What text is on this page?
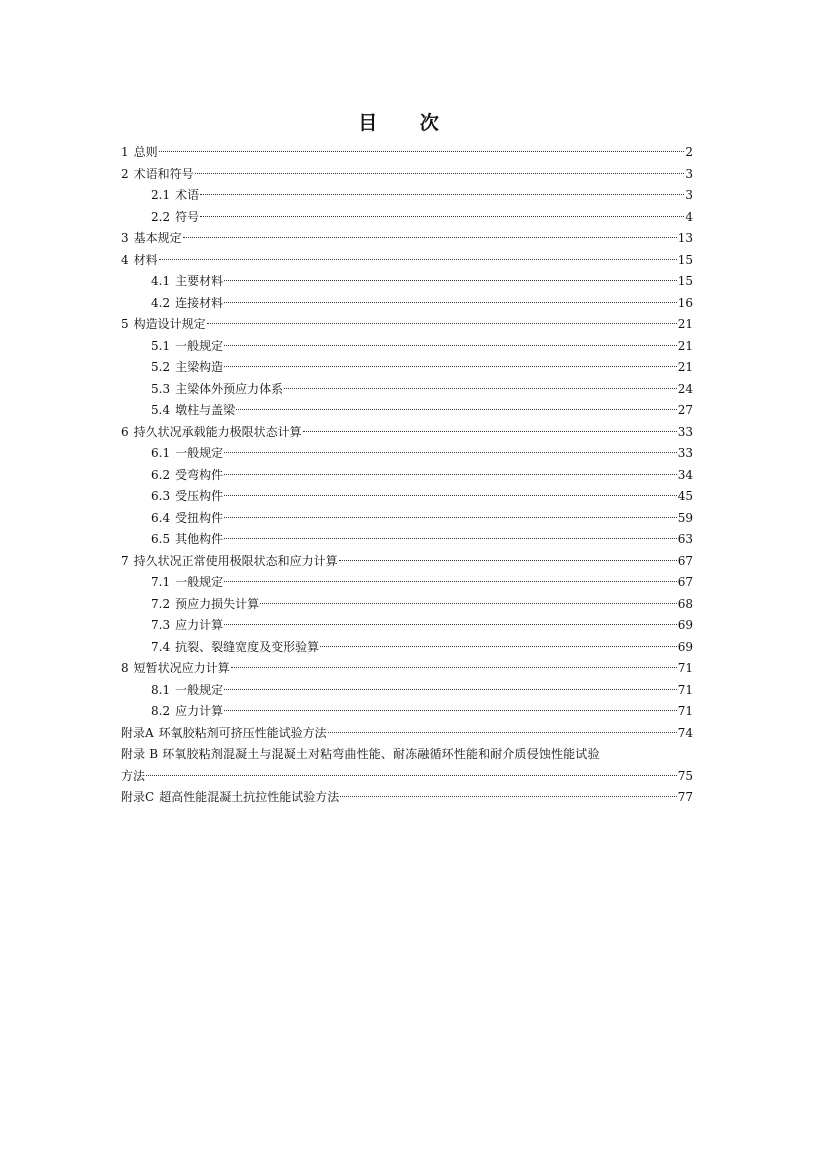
目 次
1 总则	2
2 术语和符号	3
2.1 术语	3
2.2 符号	4
3 基本规定	13
4 材料	15
4.1 主要材料	15
4.2 连接材料	16
5 构造设计规定	21
5.1 一般规定	21
5.2 主梁构造	21
5.3 主梁体外预应力体系	24
5.4 墩柱与盖梁	27
6 持久状况承载能力极限状态计算	33
6.1 一般规定	33
6.2 受弯构件	34
6.3 受压构件	45
6.4 受扭构件	59
6.5 其他构件	63
7 持久状况正常使用极限状态和应力计算	67
7.1 一般规定	67
7.2 预应力损失计算	68
7.3 应力计算	69
7.4 抗裂、裂缝宽度及变形验算	69
8 短暂状况应力计算	71
8.1 一般规定	71
8.2 应力计算	71
附录A 环氧胶粘剂可挤压性能试验方法	74
附录 B 环氧胶粘剂混凝土与混凝土对粘弯曲性能、耐冻融循环性能和耐介质侵蚀性能试验
方法	75
附录C 超高性能混凝土抗拉性能试验方法	77
